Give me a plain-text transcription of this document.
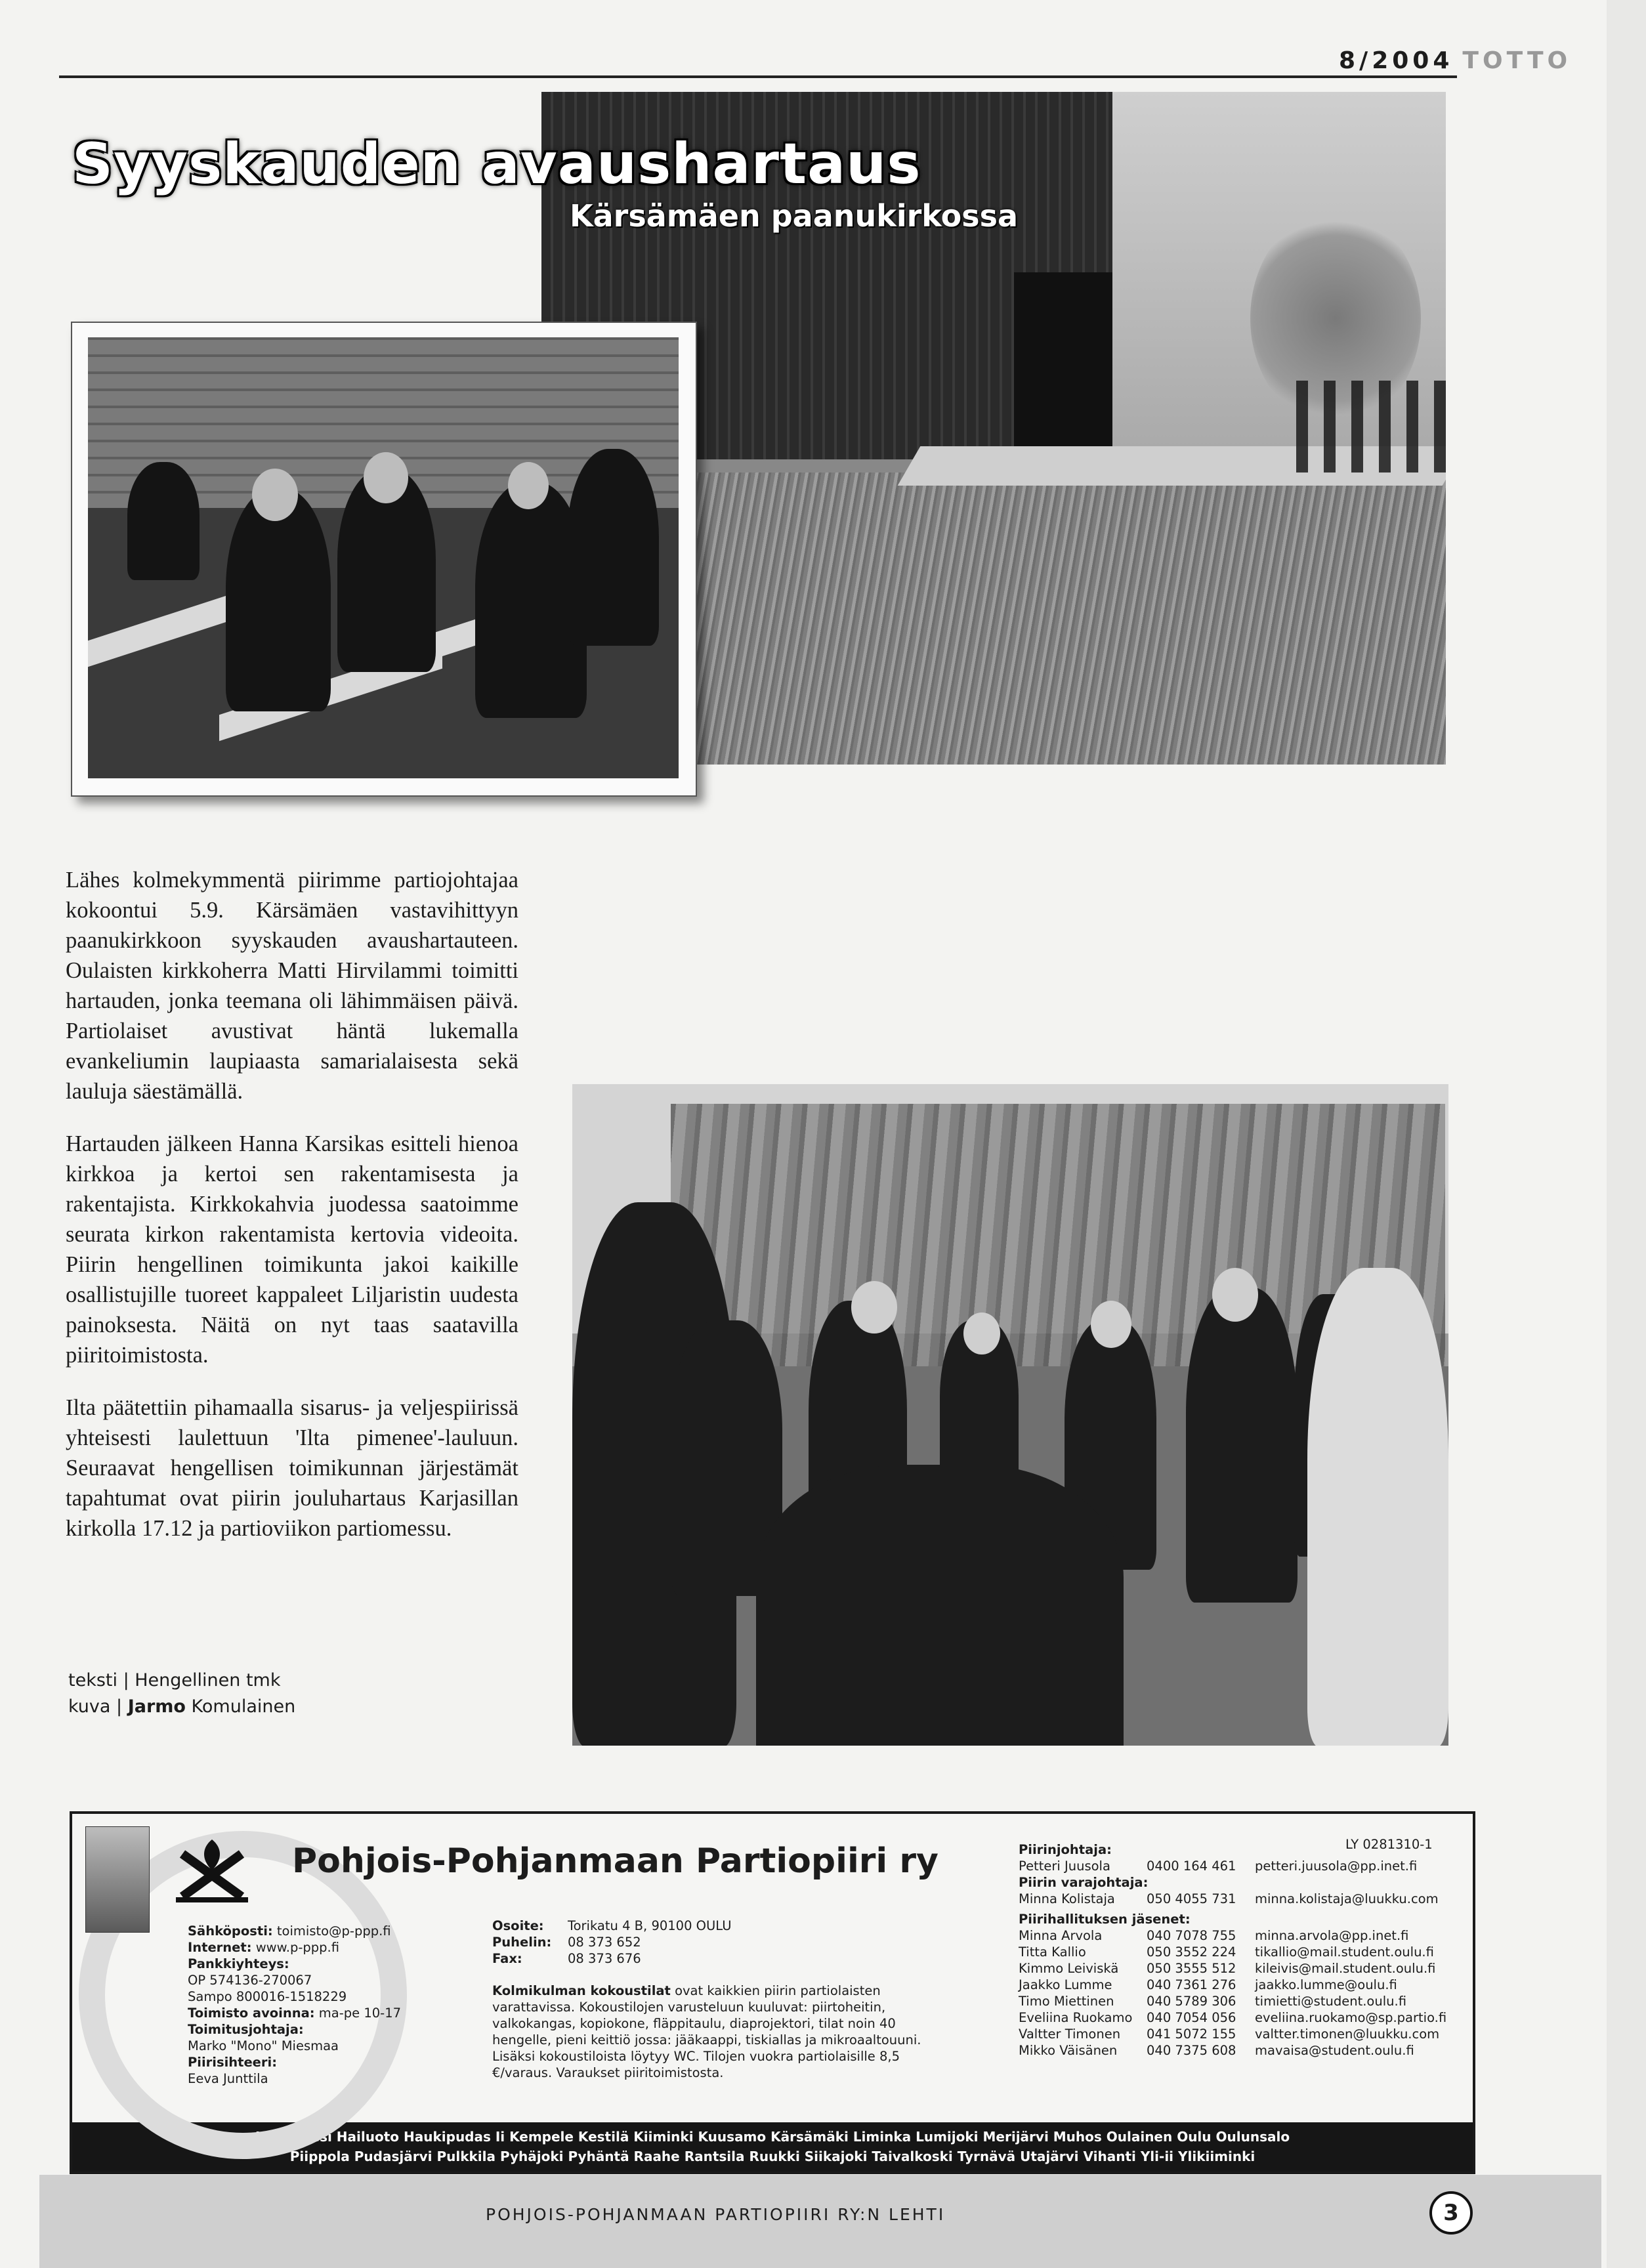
8/2004 TOTTO
Syyskauden avaushartaus
Kärsämäen paanukirkossa

Lähes kolmekymmentä piirimme partiojohtajaa kokoontui 5.9. Kärsämäen vastavihittyyn paanukirkkoon syyskauden avaushartauteen. Oulaisten kirkkoherra Matti Hirvilammi toimitti hartauden, jonka teemana oli lähimmäisen päivä. Partiolaiset avustivat häntä lukemalla evankeliumin laupiaasta samarialaisesta sekä lauluja säestämällä.

Hartauden jälkeen Hanna Karsikas esitteli hienoa kirkkoa ja kertoi sen rakentamisesta ja rakentajista. Kirkkokahvia juodessa saatoimme seurata kirkon rakentamista kertovia videoita. Piirin hengellinen toimikunta jakoi kaikille osallistujille tuoreet kappaleet Liljaristin uudesta painoksesta. Näitä on nyt taas saatavilla piiritoimistosta.

Ilta päätettiin pihamaalla sisarus- ja veljespiirissä yhteisesti laulettuun 'Ilta pimenee'-lauluun. Seuraavat hengellisen toimikunnan järjestämät tapahtumat ovat piirin jouluhartaus Karjasillan kirkolla 17.12 ja partioviikon partiomessu.

teksti | Hengellinen tmk
kuva | Jarmo Komulainen
Haapavesi Hailuoto Haukipudas Ii Kempele Kestilä Kiiminki Kuusamo Kärsämäki Liminka Lumijoki Merijärvi Muhos Oulainen Oulu Oulunsalo
Piippola Pudasjärvi Pulkkila Pyhäjoki Pyhäntä Raahe Rantsila Ruukki Siikajoki Taivalkoski Tyrnävä Utajärvi Vihanti Yli-ii Ylikiiminki
Pohjois-Pohjanmaan Partiopiiri ry	LY 0281310-1
Sähköposti: toimisto@p-ppp.fi
Internet: www.p-ppp.fi
Pankkiyhteys:
OP 574136-270067
Sampo 800016-1518229
Toimisto avoinna: ma-pe 10-17
Toimitusjohtaja:
Marko "Mono" Miesmaa
Piirisihteeri:
Eeva Junttila
Osoite:	Torikatu 4 B, 90100 OULU
Puhelin:	08 373 652
Fax:	08 373 676
Kolmikulman kokoustilat ovat kaikkien piirin partiolaisten varattavissa. Kokoustilojen varusteluun kuuluvat: piirtoheitin, valkokangas, kopiokone, fläppitaulu, diaprojektori, tilat noin 40 hengelle, pieni keittiö jossa: jääkaappi, tiskiallas ja mikroaaltouuni. Lisäksi kokoustiloista löytyy WC. Tilojen vuokra partiolaisille 8,5 €/varaus. Varaukset piiritoimistosta.
Piirinjohtaja:
Petteri Juusola	0400 164 461	petteri.juusola@pp.inet.fi
Piirin varajohtaja:
Minna Kolistaja	050 4055 731	minna.kolistaja@luukku.com
Piirihallituksen jäsenet:
Minna Arvola	040 7078 755	minna.arvola@pp.inet.fi
Titta Kallio	050 3552 224	tikallio@mail.student.oulu.fi
Kimmo Leiviskä	050 3555 512	kileivis@mail.student.oulu.fi
Jaakko Lumme	040 7361 276	jaakko.lumme@oulu.fi
Timo Miettinen	040 5789 306	timietti@student.oulu.fi
Eveliina Ruokamo	040 7054 056	eveliina.ruokamo@sp.partio.fi
Valtter Timonen	041 5072 155	valtter.timonen@luukku.com
Mikko Väisänen	040 7375 608	mavaisa@student.oulu.fi
POHJOIS-POHJANMAAN PARTIOPIIRI RY:N LEHTI	3
